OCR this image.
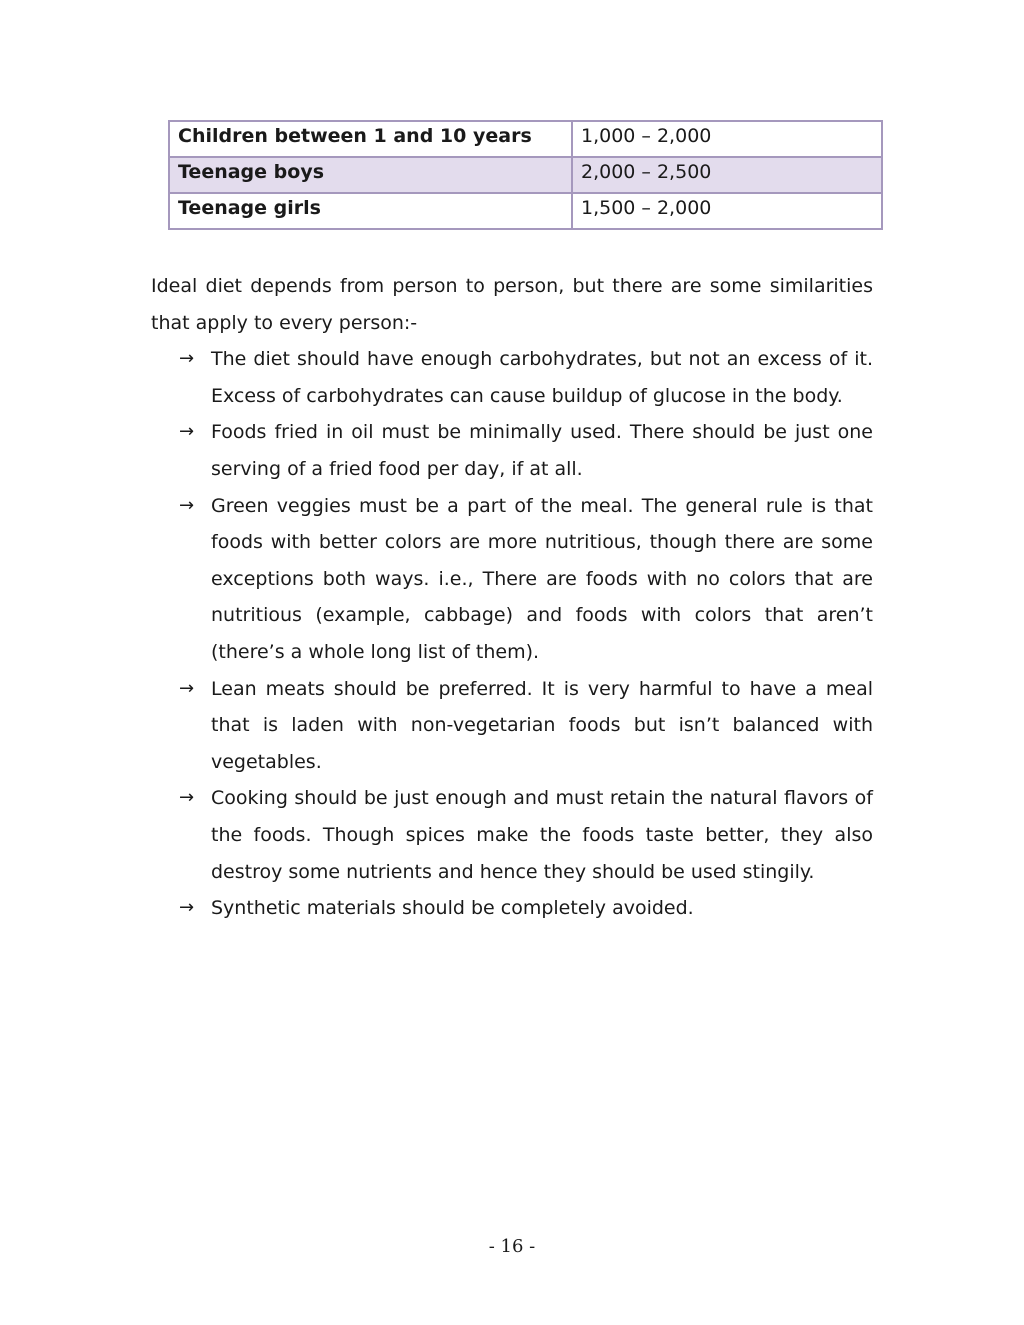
Children between 1 and 10 years	1,000 – 2,000
Teenage boys	2,000 – 2,500
Teenage girls	1,500 – 2,000

Ideal diet depends from person to person, but there are some similarities that apply to every person:-

→ The diet should have enough carbohydrates, but not an excess of it. Excess of carbohydrates can cause buildup of glucose in the body.
→ Foods fried in oil must be minimally used. There should be just one serving of a fried food per day, if at all.
→ Green veggies must be a part of the meal. The general rule is that foods with better colors are more nutritious, though there are some exceptions both ways. i.e., There are foods with no colors that are nutritious (example, cabbage) and foods with colors that aren’t (there’s a whole long list of them).
→ Lean meats should be preferred. It is very harmful to have a meal that is laden with non-vegetarian foods but isn’t balanced with vegetables.
→ Cooking should be just enough and must retain the natural flavors of the foods. Though spices make the foods taste better, they also destroy some nutrients and hence they should be used stingily.
→ Synthetic materials should be completely avoided.
- 16 -
